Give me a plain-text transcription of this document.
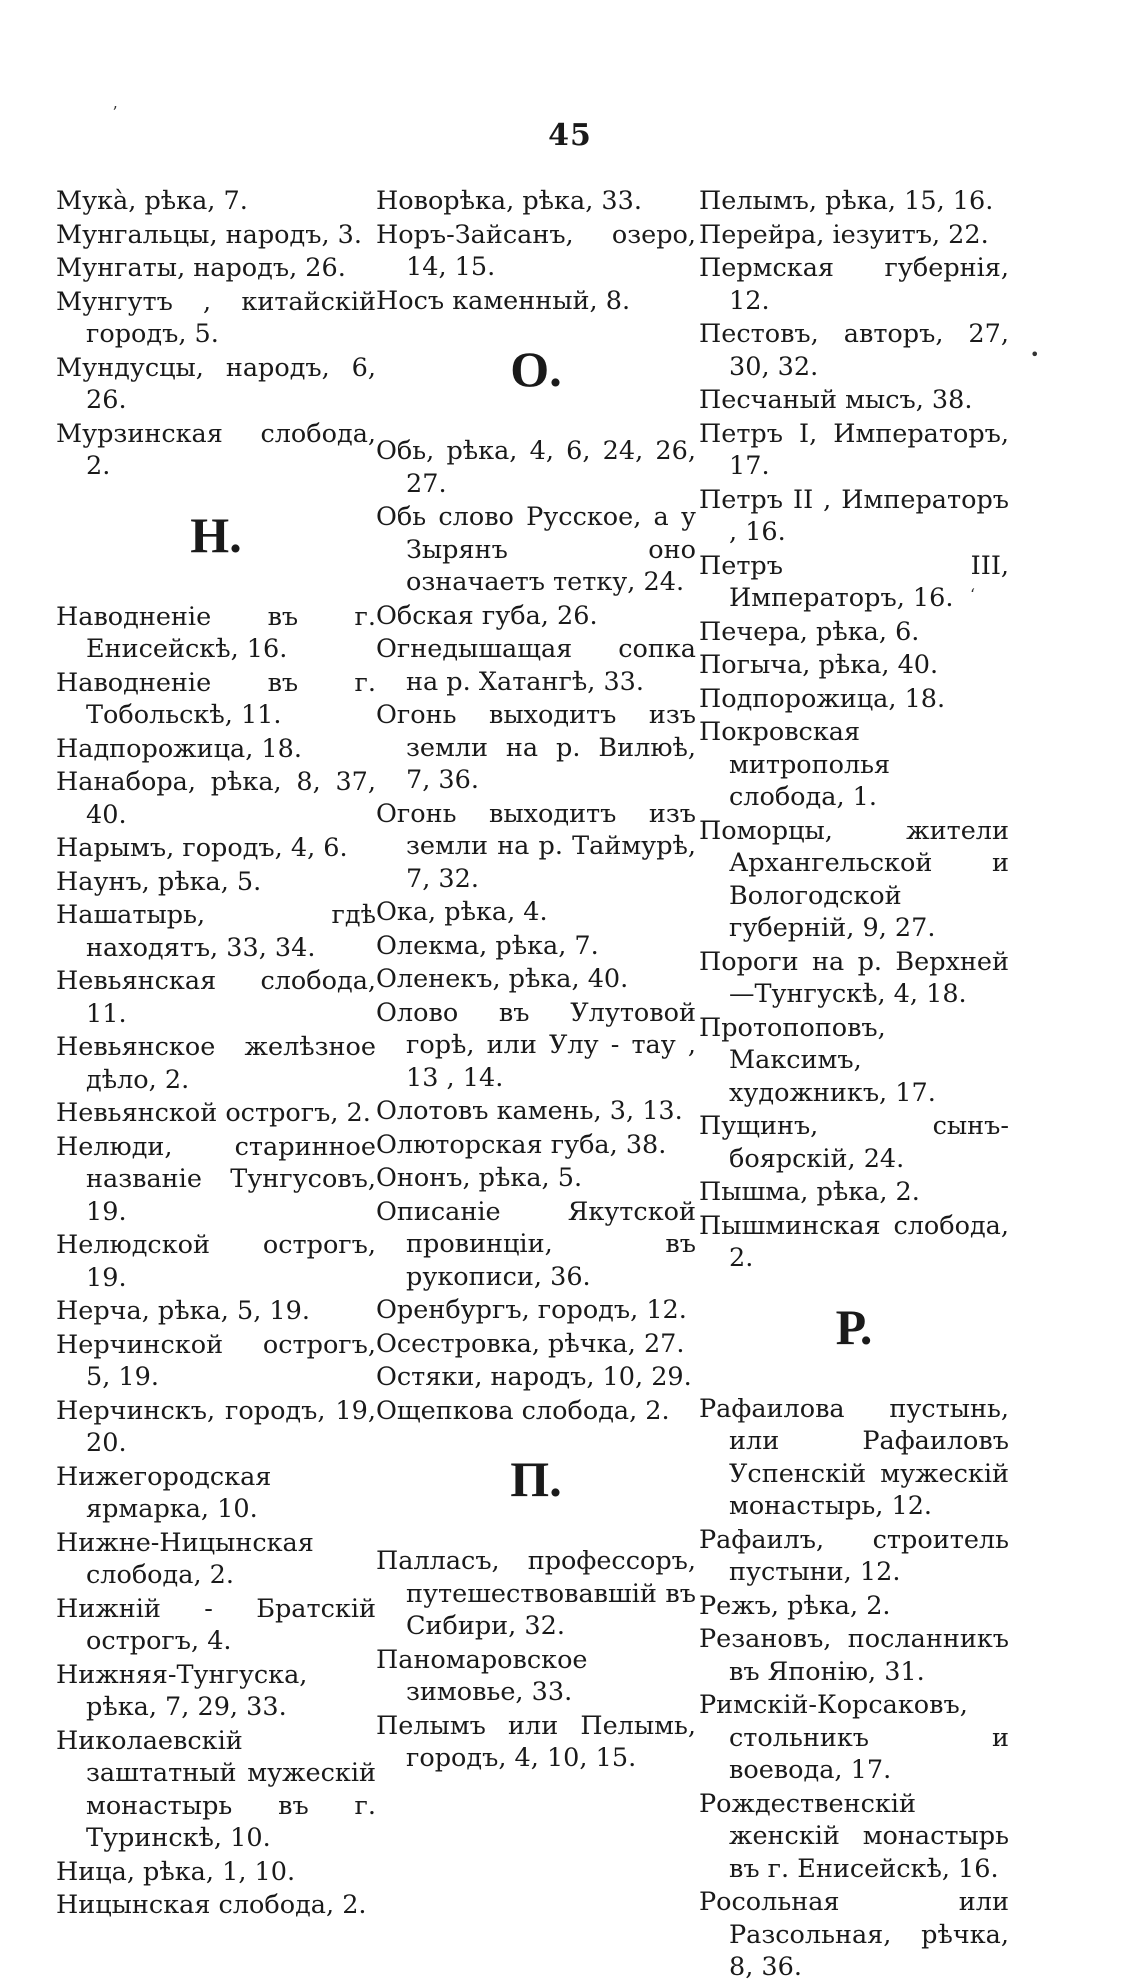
45
Мука̀, рѣка, 7.
Мунгальцы, народъ, 3.
Мунгаты, народъ, 26.
Мунгутъ , китайскій городъ, 5.
Мундусцы, народъ, 6, 26.
Мурзинская слобода, 2.
Н.
Наводненіе въ г. Енисейскѣ, 16.
Наводненіе въ г. Тобольскѣ, 11.
Надпорожица, 18.
Нанабора, рѣка, 8, 37, 40.
Нарымъ, городъ, 4, 6.
Наунъ, рѣка, 5.
Нашатырь, гдѣ находятъ, 33, 34.
Невьянская слобода, 11.
Невьянское желѣзное дѣло, 2.
Невьянской острогъ, 2.
Нелюди, старинное названіе Тунгусовъ, 19.
Нелюдской острогъ, 19.
Нерча, рѣка, 5, 19.
Нерчинской острогъ, 5, 19.
Нерчинскъ, городъ, 19, 20.
Нижегородская ярмарка, 10.
Нижне-Ницынская слобода, 2.
Нижній - Братскій острогъ, 4.
Нижняя-Тунгуска, рѣка, 7, 29, 33.
Николаевскій заштатный мужескій монастырь въ г. Туринскѣ, 10.
Ница, рѣка, 1, 10.
Ницынская слобода, 2.
Новорѣка, рѣка, 33.
Норъ-Зайсанъ, озеро, 14, 15.
Носъ каменный, 8.
О.
Обь, рѣка, 4, 6, 24, 26, 27.
Обь слово Русское, а у Зырянъ оно означаетъ тетку, 24.
Обская губа, 26.
Огнедышащая сопка на р. Хатангѣ, 33.
Огонь выходитъ изъ земли на р. Вилюѣ, 7, 36.
Огонь выходитъ изъ земли на р. Таймурѣ, 7, 32.
Ока, рѣка, 4.
Олекма, рѣка, 7.
Оленекъ, рѣка, 40.
Олово въ Улутовой горѣ, или Улу - тау , 13 , 14.
Олотовъ камень, 3, 13.
Олюторская губа, 38.
Ононъ, рѣка, 5.
Описаніе Якутской провинціи, въ рукописи, 36.
Оренбургъ, городъ, 12.
Осестровка, рѣчка, 27.
Остяки, народъ, 10, 29.
Ощепкова слобода, 2.
П.
Палласъ, профессоръ, путешествовавшій въ Сибири, 32.
Паномаровское зимовье, 33.
Пелымъ или Пелымь, городъ, 4, 10, 15.
Пелымъ, рѣка, 15, 16.
Перейра, іезуитъ, 22.
Пермская губернія, 12.
Пестовъ, авторъ, 27, 30, 32.
Песчаный мысъ, 38.
Петръ I, Императоръ, 17.
Петръ II , Императоръ , 16.
Петръ III, Императоръ, 16.
Печера, рѣка, 6.
Погыча, рѣка, 40.
Подпорожица, 18.
Покровская митрополья слобода, 1.
Поморцы, жители Архангельской и Вологодской губерній, 9, 27.
Пороги на р. Верхней—Тунгускѣ, 4, 18.
Протопоповъ, Максимъ, художникъ, 17.
Пущинъ, сынъ-боярскій, 24.
Пышма, рѣка, 2.
Пышминская слобода, 2.
Р.
Рафаилова пустынь, или Рафаиловъ Успенскій мужескій монастырь, 12.
Рафаилъ, строитель пустыни, 12.
Режъ, рѣка, 2.
Резановъ, посланникъ въ Японію, 31.
Римскій-Корсаковъ, стольникъ и воевода, 17.
Рождественскій женскій монастырь въ г. Енисейскѣ, 16.
Росольная или Разсольная, рѣчка, 8, 36.
ʼ
•
ʻ
